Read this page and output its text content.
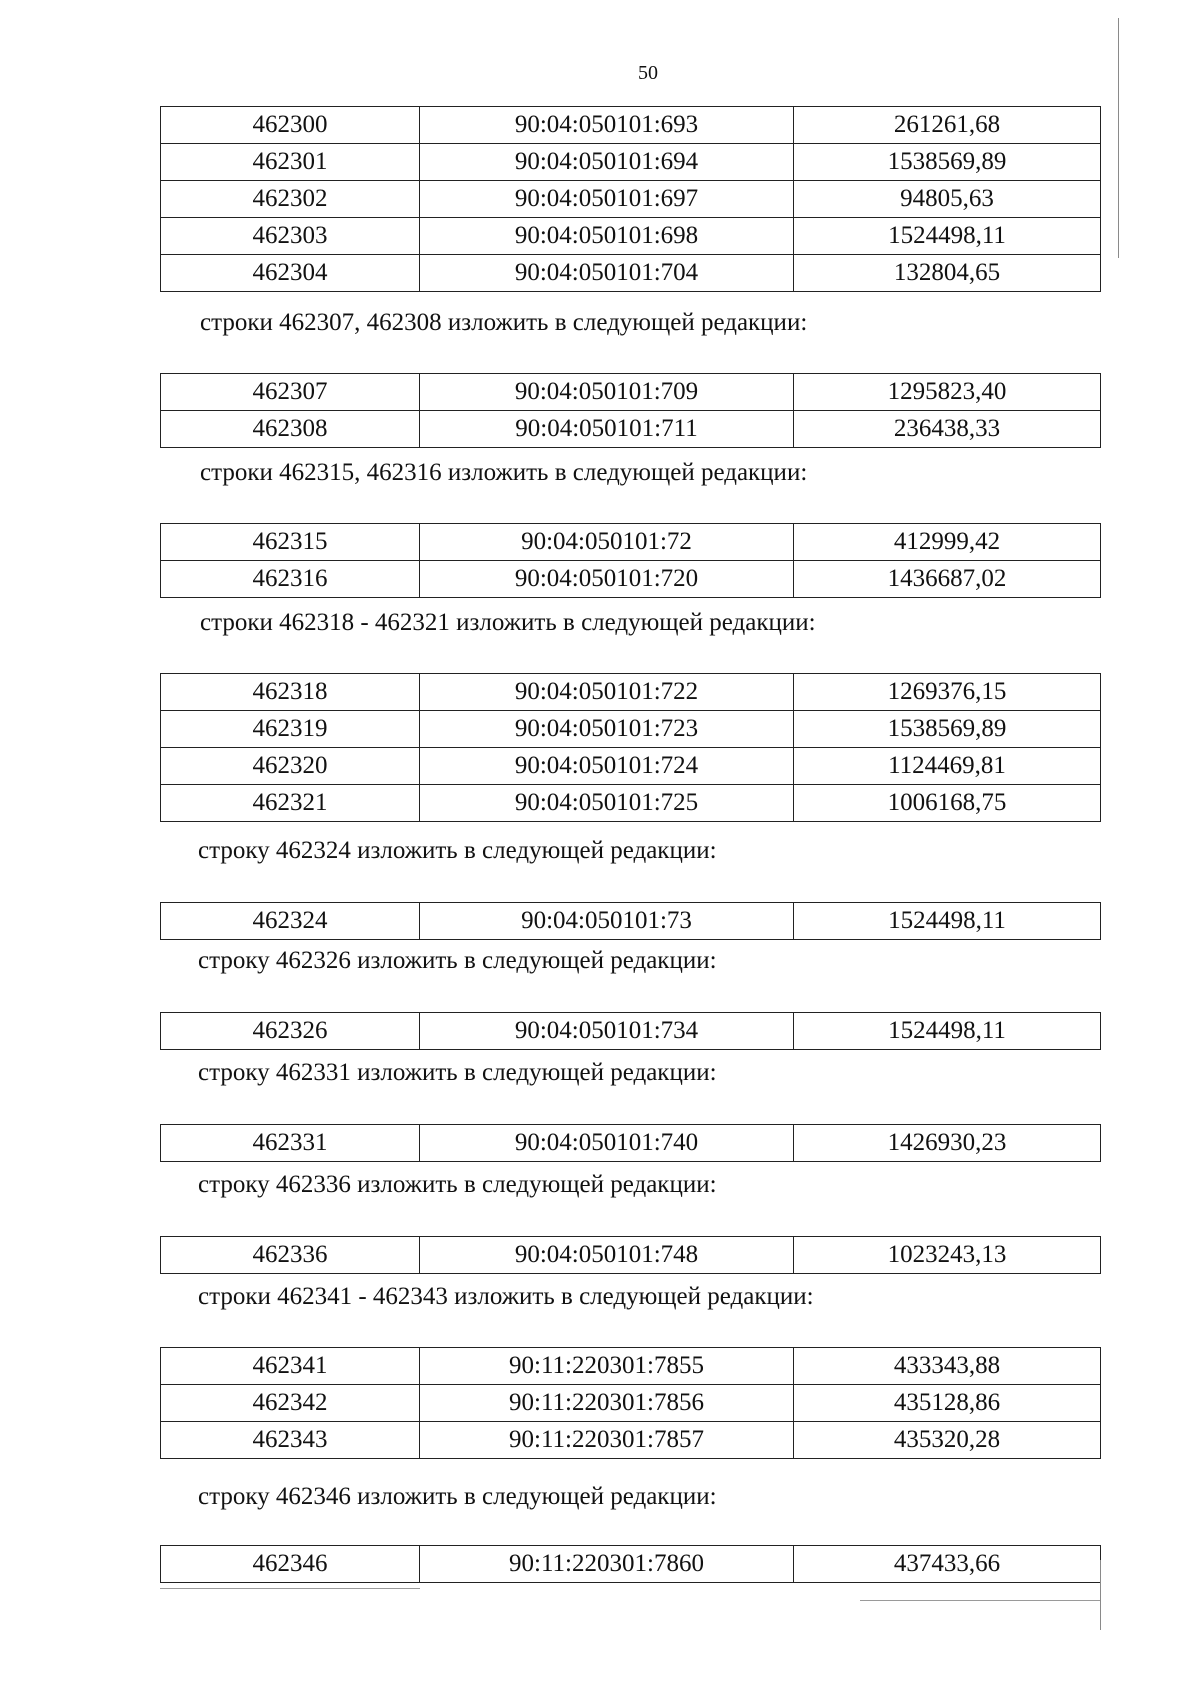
50
462300	90:04:050101:693	261261,68
462301	90:04:050101:694	1538569,89
462302	90:04:050101:697	94805,63
462303	90:04:050101:698	1524498,11
462304	90:04:050101:704	132804,65
строки 462307, 462308 изложить в следующей редакции:
462307	90:04:050101:709	1295823,40
462308	90:04:050101:711	236438,33
строки 462315, 462316 изложить в следующей редакции:
462315	90:04:050101:72	412999,42
462316	90:04:050101:720	1436687,02
строки 462318 - 462321 изложить в следующей редакции:
462318	90:04:050101:722	1269376,15
462319	90:04:050101:723	1538569,89
462320	90:04:050101:724	1124469,81
462321	90:04:050101:725	1006168,75
строку 462324 изложить в следующей редакции:
462324	90:04:050101:73	1524498,11
строку 462326 изложить в следующей редакции:
462326	90:04:050101:734	1524498,11
строку 462331 изложить в следующей редакции:
462331	90:04:050101:740	1426930,23
строку 462336 изложить в следующей редакции:
462336	90:04:050101:748	1023243,13
строки 462341 - 462343 изложить в следующей редакции:
462341	90:11:220301:7855	433343,88
462342	90:11:220301:7856	435128,86
462343	90:11:220301:7857	435320,28
строку 462346 изложить в следующей редакции:
462346	90:11:220301:7860	437433,66
